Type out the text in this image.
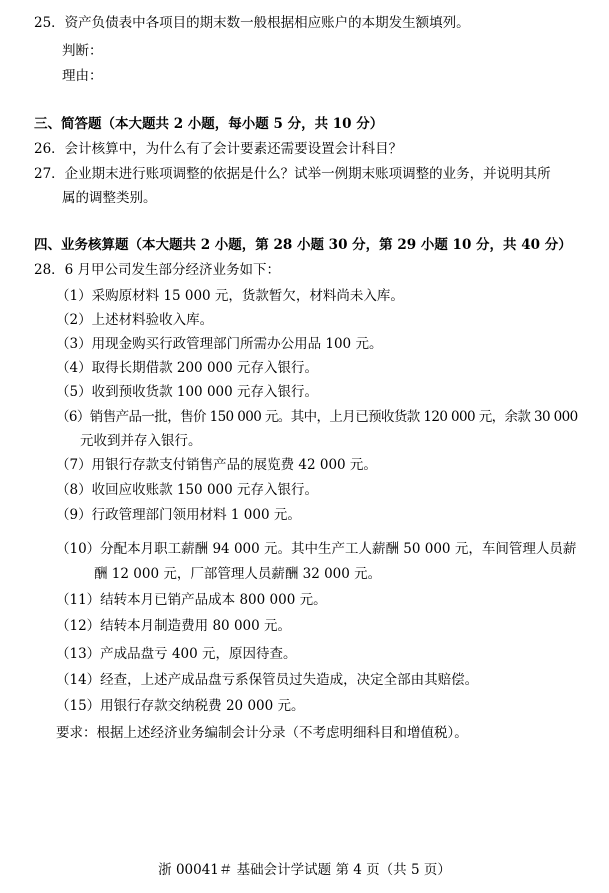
25．资产负债表中各项目的期末数一般根据相应账户的本期发生额填列。
判断：
理由：
三、简答题（本大题共 2 小题，每小题 5 分，共 10 分）
26．会计核算中，为什么有了会计要素还需要设置会计科目？
27．企业期末进行账项调整的依据是什么？试举一例期末账项调整的业务，并说明其所
属的调整类别。
四、业务核算题（本大题共 2 小题，第 28 小题 30 分，第 29 小题 10 分，共 40 分）
28．6 月甲公司发生部分经济业务如下：
（1）采购原材料 15 000 元，货款暂欠，材料尚未入库。
（2）上述材料验收入库。
（3）用现金购买行政管理部门所需办公用品 100 元。
（4）取得长期借款 200 000 元存入银行。
（5）收到预收货款 100 000 元存入银行。
（6）销售产品一批，售价 150 000 元。其中，上月已预收货款 120 000 元，余款 30 000
元收到并存入银行。
（7）用银行存款支付销售产品的展览费 42 000 元。
（8）收回应收账款 150 000 元存入银行。
（9）行政管理部门领用材料 1 000 元。
（10）分配本月职工薪酬 94 000 元。其中生产工人薪酬 50 000 元，车间管理人员薪
酬 12 000 元，厂部管理人员薪酬 32 000 元。
（11）结转本月已销产品成本 800 000 元。
（12）结转本月制造费用 80 000 元。
（13）产成品盘亏 400 元，原因待查。
（14）经查，上述产成品盘亏系保管员过失造成，决定全部由其赔偿。
（15）用银行存款交纳税费 20 000 元。
要求：根据上述经济业务编制会计分录（不考虑明细科目和增值税）。
浙 00041＃ 基础会计学试题 第 4 页（共 5 页）
